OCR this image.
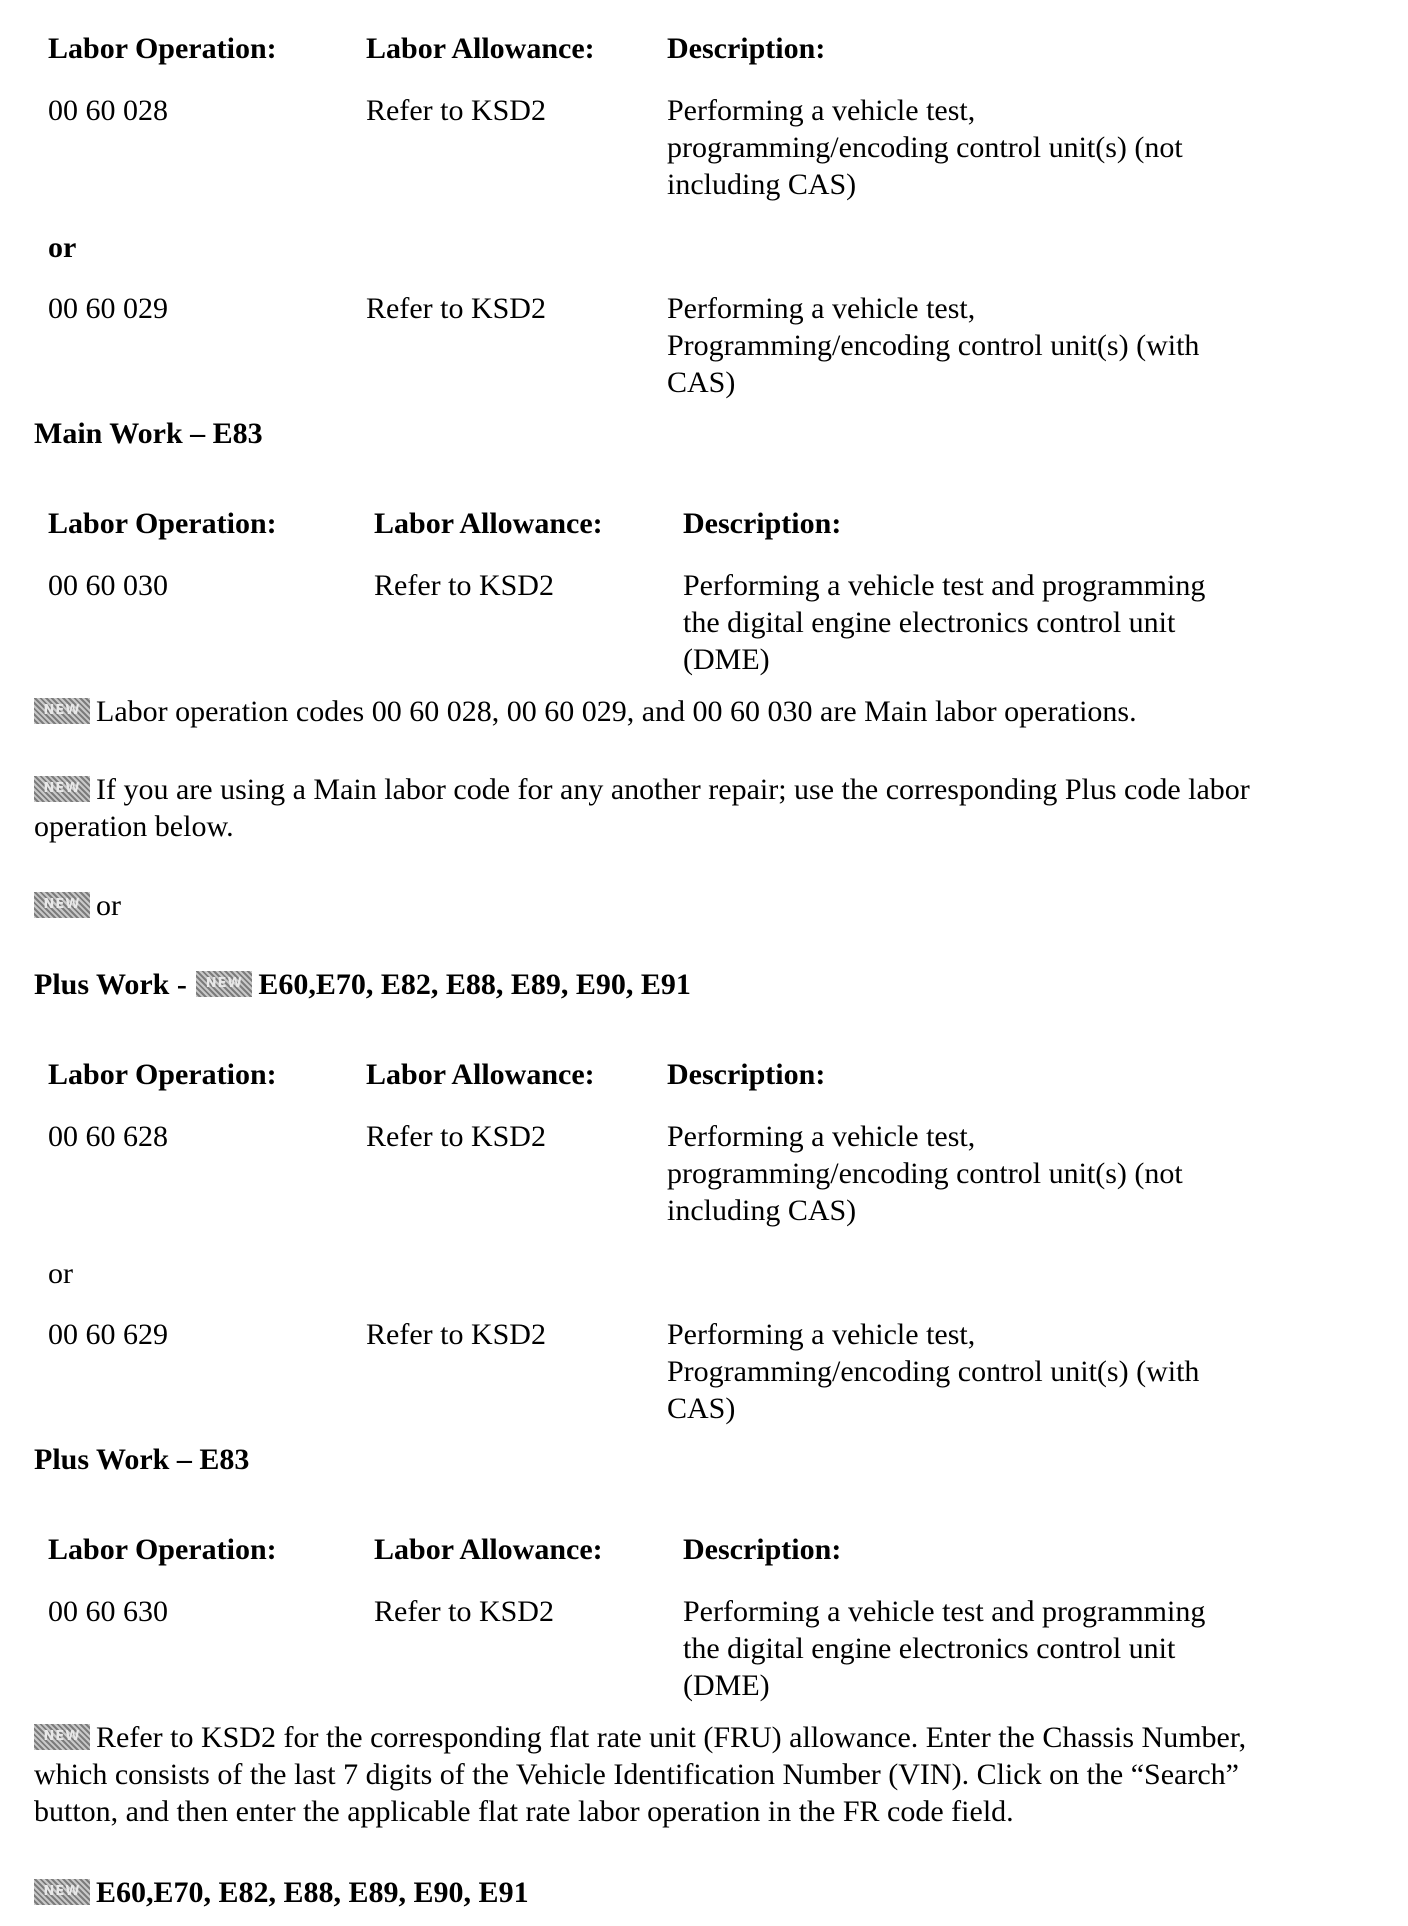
Labor Operation:	Labor Allowance: Description:
00 60 028	Refer to KSD2	Performing a vehicle test,
programming/encoding control unit(s) (not
including CAS)
or
00 60 029	Refer to KSD2	Performing a vehicle test,
Programming/encoding control unit(s) (with
CAS)
Main Work – E83
Labor Operation:	Labor Allowance:	Description:
00 60 030	Refer to KSD2	Performing a vehicle test and programming
the digital engine electronics control unit
(DME)
NEW Labor operation codes 00 60 028, 00 60 029, and 00 60 030 are Main labor operations.
NEW If you are using a Main labor code for any another repair; use the corresponding Plus code labor
operation below.
NEW or
Plus Work -	NEW E60,E70, E82, E88, E89, E90, E91
Labor Operation:	Labor Allowance: Description:
00 60 628	Refer to KSD2	Performing a vehicle test,
programming/encoding control unit(s) (not
including CAS)
or
00 60 629	Refer to KSD2	Performing a vehicle test,
Programming/encoding control unit(s) (with
CAS)
Plus Work – E83
Labor Operation:	Labor Allowance:	Description:
00 60 630	Refer to KSD2	Performing a vehicle test and programming
the digital engine electronics control unit
(DME)
NEW Refer to KSD2 for the corresponding flat rate unit (FRU) allowance. Enter the Chassis Number,
which consists of the last 7 digits of the Vehicle Identification Number (VIN). Click on the “Search”
button, and then enter the applicable flat rate labor operation in the FR code field.
NEW E60,E70, E82, E88, E89, E90, E91
